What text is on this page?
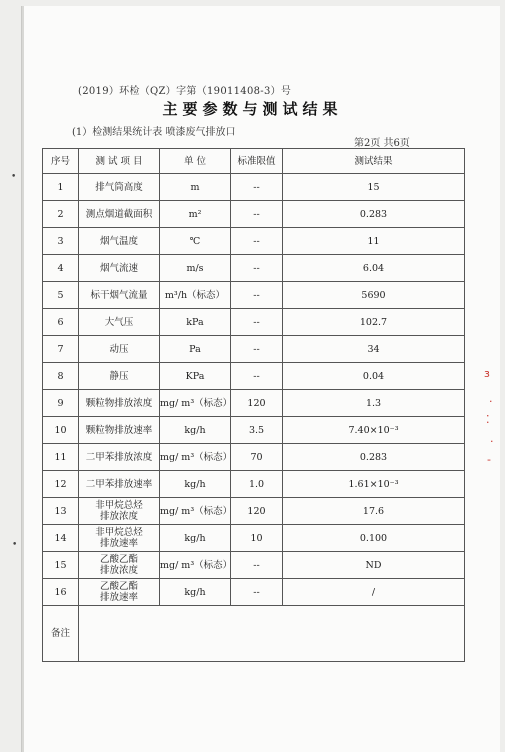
(2019）环检（QZ）字第（19011408-3）号
主要参数与测试结果
(1）检测结果统计表 喷漆废气排放口
第2页 共6页
序号	测 试 项 目	单 位	标准限值	测试结果
1	排气筒高度	m	--	15
2	测点烟道截面积	m²	--	0.283
3	烟气温度	℃	--	11
4	烟气流速	m/s	--	6.04
5	标干烟气流量	m³/h（标态）	--	5690
6	大气压	kPa	--	102.7
7	动压	Pa	--	34
8	静压	KPa	--	0.04
9	颗粒物排放浓度	mg/ m³（标态）	120	1.3
10	颗粒物排放速率	kg/h	3.5	7.40×10⁻³
11	二甲苯排放浓度	mg/ m³（标态）	70	0.283
12	二甲苯排放速率	kg/h	1.0	1.61×10⁻³
13	非甲烷总烃
排放浓度	mg/ m³（标态）	120	17.6
14	非甲烷总烃
排放速率	kg/h	10	0.100
15	乙酸乙酯
排放浓度	mg/ m³（标态）	--	ND
16	乙酸乙酯
排放速率	kg/h	--	/
备注				
•
•
ɜ
·
⁚
·
-
